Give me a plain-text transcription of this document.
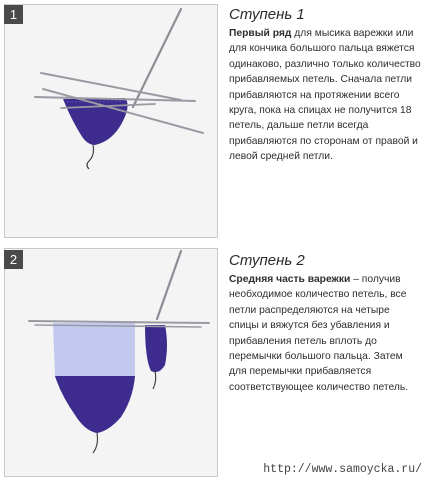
1	Ступень 1

Первый ряд для мысика варежки или для кончика большого пальца вяжется одинаково, различно только количество прибавляемых петель. Сначала петли прибавляются на протяжении всего круга, пока на спицах не получится 18 петель, дальше петли всегда прибавляются по сторонам от правой и левой средней петли.

2	Ступень 2

Средняя часть варежки – получив необходимое количество петель, все петли распределяются на четыре спицы и вяжутся без убавления и прибавления петель вплоть до перемычки большого пальца. Затем для перемычки прибавляется соответствующее количество петель.

http://www.samoycka.ru/
